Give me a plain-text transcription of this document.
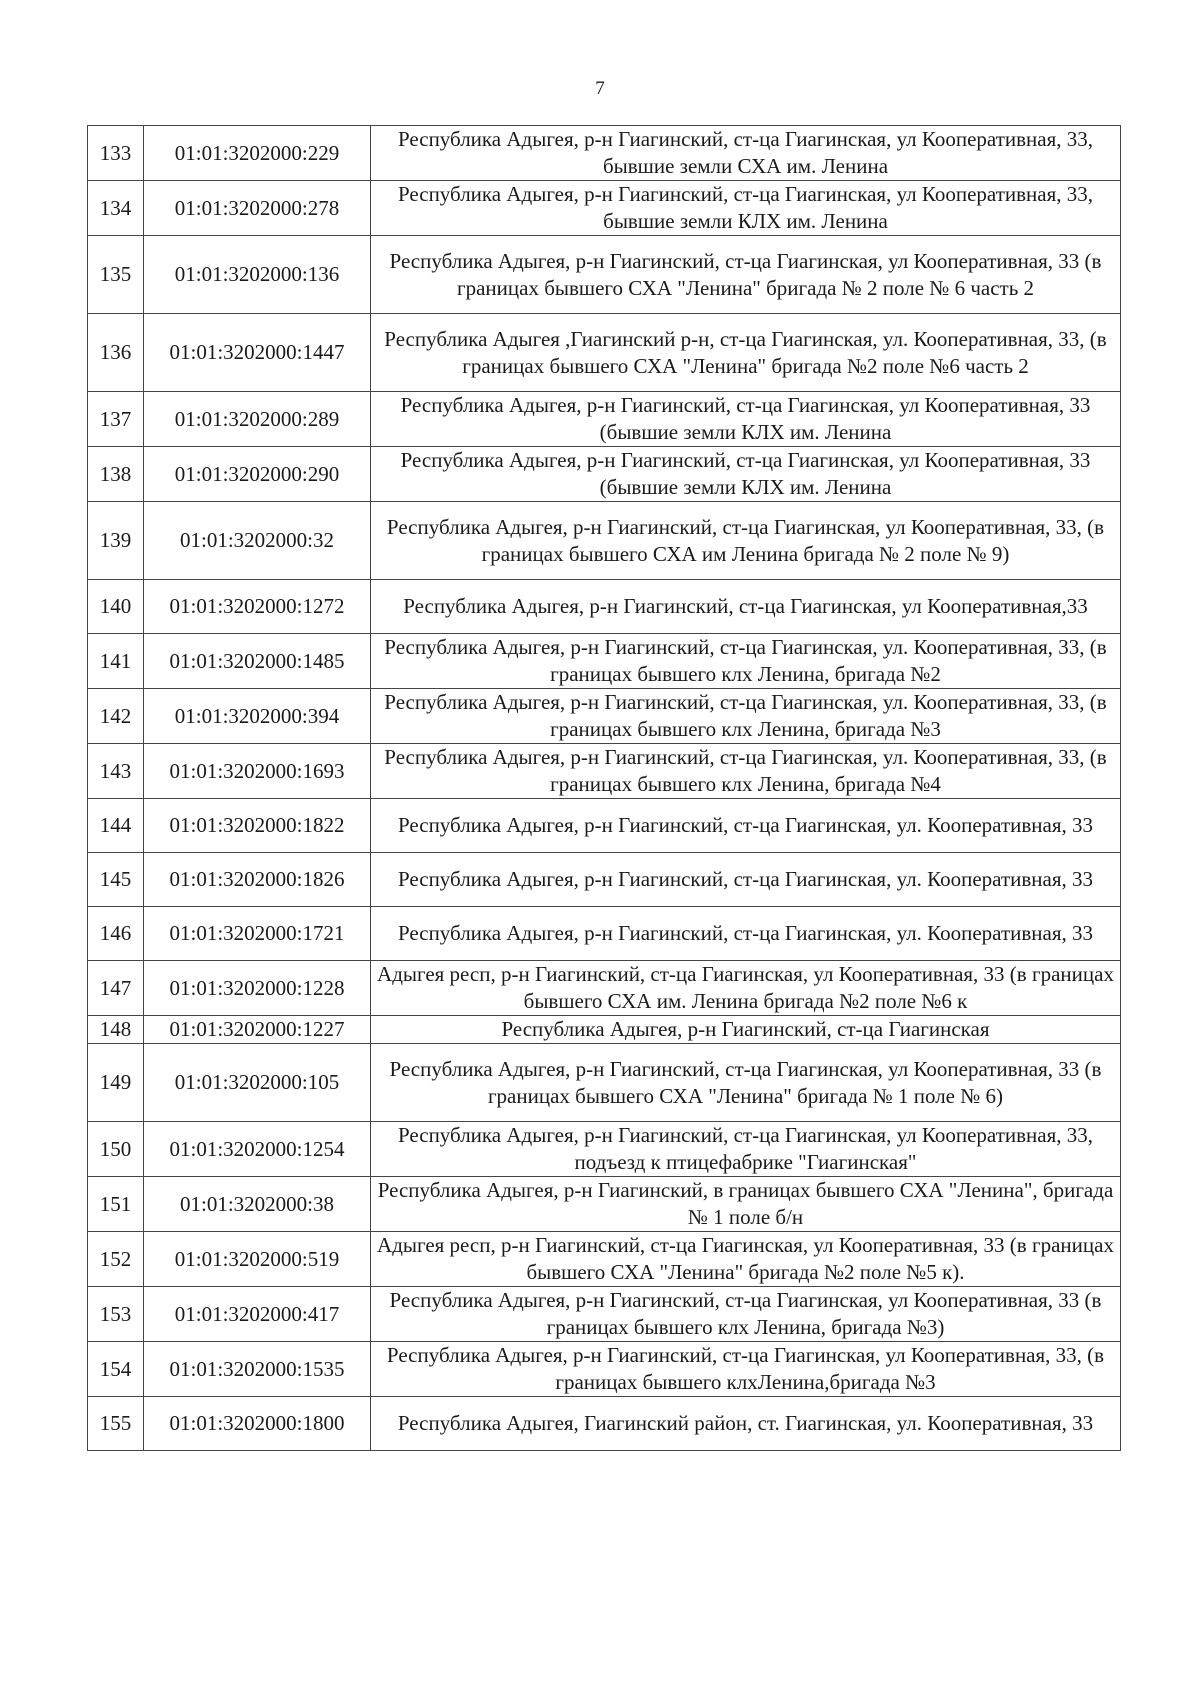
7
133	01:01:3202000:229	Республика Адыгея, р-н Гиагинский, ст-ца Гиагинская, ул Кооперативная, 33, бывшие земли СХА им. Ленина
134	01:01:3202000:278	Республика Адыгея, р-н Гиагинский, ст-ца Гиагинская, ул Кооперативная, 33, бывшие земли КЛХ им. Ленина
135	01:01:3202000:136	Республика Адыгея, р-н Гиагинский, ст-ца Гиагинская, ул Кооперативная, 33 (в границах бывшего СХА "Ленина" бригада № 2 поле № 6 часть 2
136	01:01:3202000:1447	Республика Адыгея ,Гиагинский р-н, ст-ца Гиагинская, ул. Кооперативная, 33, (в границах бывшего СХА "Ленина" бригада №2 поле №6 часть 2
137	01:01:3202000:289	Республика Адыгея, р-н Гиагинский, ст-ца Гиагинская, ул Кооперативная, 33 (бывшие земли КЛХ им. Ленина
138	01:01:3202000:290	Республика Адыгея, р-н Гиагинский, ст-ца Гиагинская, ул Кооперативная, 33 (бывшие земли КЛХ им. Ленина
139	01:01:3202000:32	Республика Адыгея, р-н Гиагинский, ст-ца Гиагинская, ул Кооперативная, 33, (в границах бывшего СХА им Ленина бригада № 2 поле № 9)
140	01:01:3202000:1272	Республика Адыгея, р-н Гиагинский, ст-ца Гиагинская, ул Кооперативная,33
141	01:01:3202000:1485	Республика Адыгея, р-н Гиагинский, ст-ца Гиагинская, ул. Кооперативная, 33, (в границах бывшего клх Ленина, бригада №2
142	01:01:3202000:394	Республика Адыгея, р-н Гиагинский, ст-ца Гиагинская, ул. Кооперативная, 33, (в границах бывшего клх Ленина, бригада №3
143	01:01:3202000:1693	Республика Адыгея, р-н Гиагинский, ст-ца Гиагинская, ул. Кооперативная, 33, (в границах бывшего клх Ленина, бригада №4
144	01:01:3202000:1822	Республика Адыгея, р-н Гиагинский, ст-ца Гиагинская, ул. Кооперативная, 33
145	01:01:3202000:1826	Республика Адыгея, р-н Гиагинский, ст-ца Гиагинская, ул. Кооперативная, 33
146	01:01:3202000:1721	Республика Адыгея, р-н Гиагинский, ст-ца Гиагинская, ул. Кооперативная, 33
147	01:01:3202000:1228	Адыгея респ, р-н Гиагинский, ст-ца Гиагинская, ул Кооперативная, 33 (в границах бывшего СХА им. Ленина бригада №2 поле №6 к
148	01:01:3202000:1227	Республика Адыгея, р-н Гиагинский, ст-ца Гиагинская
149	01:01:3202000:105	Республика Адыгея, р-н Гиагинский, ст-ца Гиагинская, ул Кооперативная, 33 (в границах бывшего СХА "Ленина" бригада № 1 поле № 6)
150	01:01:3202000:1254	Республика Адыгея, р-н Гиагинский, ст-ца Гиагинская, ул Кооперативная, 33, подъезд к птицефабрике "Гиагинская"
151	01:01:3202000:38	Республика Адыгея, р-н Гиагинский, в границах бывшего СХА "Ленина", бригада № 1 поле б/н
152	01:01:3202000:519	Адыгея респ, р-н Гиагинский, ст-ца Гиагинская, ул Кооперативная, 33 (в границах бывшего СХА "Ленина" бригада №2 поле №5 к).
153	01:01:3202000:417	Республика Адыгея, р-н Гиагинский, ст-ца Гиагинская, ул Кооперативная, 33 (в границах бывшего клх Ленина, бригада №3)
154	01:01:3202000:1535	Республика Адыгея, р-н Гиагинский, ст-ца Гиагинская, ул Кооперативная, 33, (в границах бывшего клхЛенина,бригада №3
155	01:01:3202000:1800	Республика Адыгея, Гиагинский район, ст. Гиагинская, ул. Кооперативная, 33
